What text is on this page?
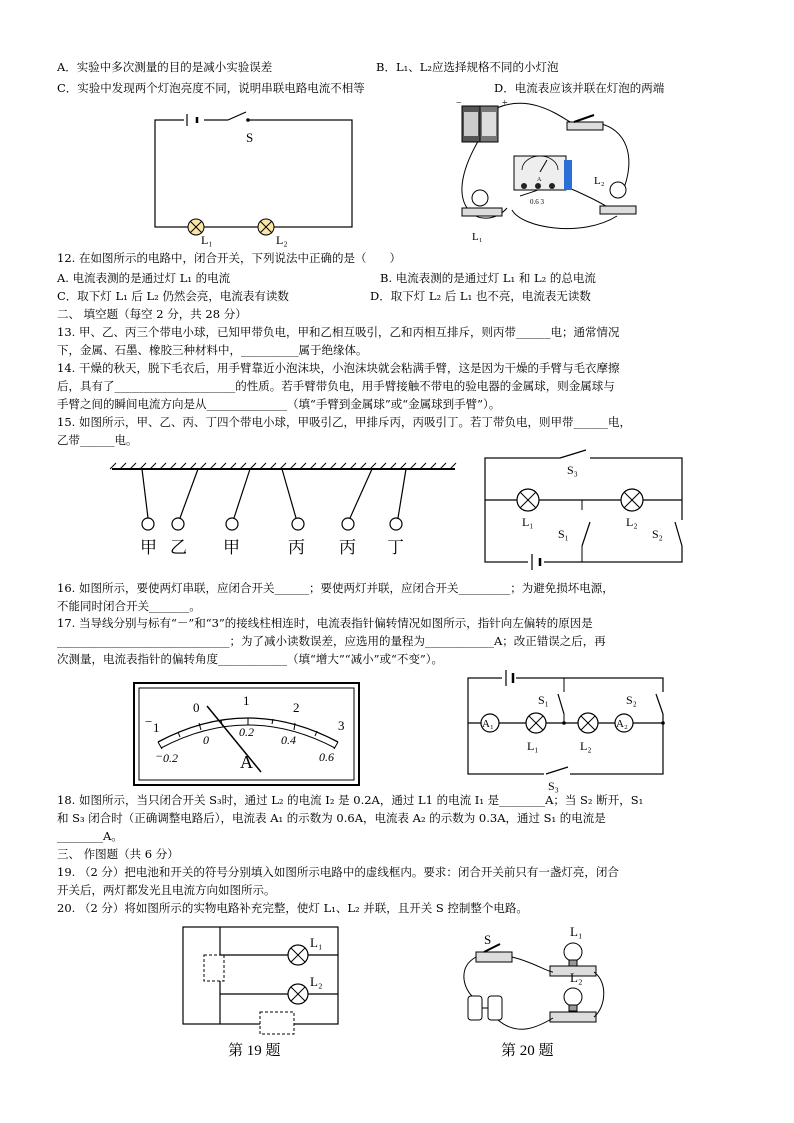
A．实验中多次测量的目的是减小实验误差	B．L₁、L₂应选择规格不同的小灯泡
C．实验中发现两个灯泡亮度不同，说明串联电路电流不相等	D．电流表应该并联在灯泡的两端
S
L₁	L₂
−	+
A
0.6 3
L₂
L₁
12. 在如图所示的电路中，闭合开关，下列说法中正确的是（　　）
A. 电流表测的是通过灯 L₁ 的电流	B. 电流表测的是通过灯 L₁ 和 L₂ 的总电流
C．取下灯 L₁ 后 L₂ 仍然会亮，电流表有读数	D．取下灯 L₂ 后 L₁ 也不亮，电流表无读数
二、 填空题（每空 2 分，共 28 分）
13. 甲、乙、丙三个带电小球，已知甲带负电，甲和乙相互吸引，乙和丙相互排斥，则丙带______电；通常情况
下，金属、石墨、橡胶三种材料中，__________属于绝缘体。
14. 干燥的秋天，脱下毛衣后，用手臂靠近小泡沫块，小泡沫块就会粘满手臂，这是因为干燥的手臂与毛衣摩擦
后，具有了_____________________的性质。若手臂带负电，用手臂接触不带电的验电器的金属球，则金属球与
手臂之间的瞬间电流方向是从______________（填“手臂到金属球”或“金属球到手臂”）。
15. 如图所示，甲、乙、丙、丁四个带电小球，甲吸引乙，甲排斥丙，丙吸引丁。若丁带负电，则甲带______电，
乙带______电。
甲 乙 甲	丙 丙 丁
S₃
L₁	L₂
S₁	S₂
16. 如图所示，要使两灯串联，应闭合开关______；要使两灯并联，应闭合开关_________；为避免损坏电源，
不能同时闭合开关_______。
17. 当导线分别与标有“－”和“3”的接线柱相连时，电流表指针偏转情况如图所示，指针向左偏转的原因是
______________________________；为了减小读数误差，应选用的量程为____________A；改正错误之后，再
次测量，电流表指针的偏转角度____________（填“增大”“减小”或“不变”）。
− 1
0	1	2
3
− 0.2
0
0.2
0.4
0.6
A
S₁	S₂
A₁
L₁	L₂
A₂
S₃
18. 如图所示，当只闭合开关 S₃时，通过 L₂ 的电流 I₂ 是 0.2A，通过 L1 的电流 I₁ 是________A；当 S₂ 断开，S₁
和 S₃ 闭合时（正确调整电路后），电流表 A₁ 的示数为 0.6A，电流表 A₂ 的示数为 0.3A，通过 S₁ 的电流是
________A。
三、 作图题（共 6 分）
19. （2 分）把电池和开关的符号分别填入如图所示电路中的虚线框内。要求：闭合开关前只有一盏灯亮，闭合
开关后，两灯都发光且电流方向如图所示。
20. （2 分）将如图所示的实物电路补充完整，使灯 L₁、L₂ 并联，且开关 S 控制整个电路。
L₁
L₂
第 19 题
S
L₁
L₂
第 20 题
